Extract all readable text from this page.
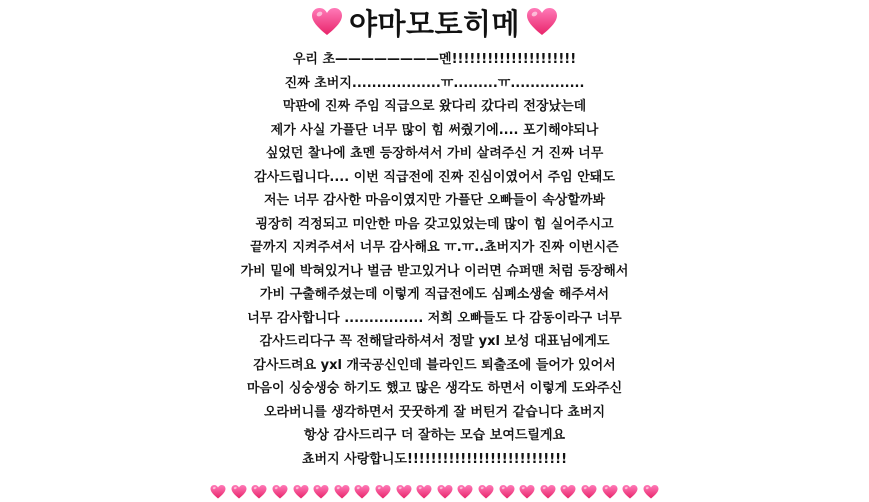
야마모토히메
우리 초————————멘!!!!!!!!!!!!!!!!!!!!!
진짜 초버지..................ㅠ.........ㅠ...............
막판에 진짜 주임 직급으로 왔다리 갔다리 전장났는데
제가 사실 가플단 너무 많이 힘 써줬기에.... 포기해야되나
싶었던 찰나에 쵸멘 등장하셔서 가비 살려주신 거 진짜 너무
감사드립니다.... 이번 직급전에 진짜 진심이였어서 주임 안돼도
저는 너무 감사한 마음이였지만 가플단 오빠들이 속상할까봐
굉장히 걱정되고 미안한 마음 갖고있었는데 많이 힘 실어주시고
끝까지 지켜주셔서 너무 감사해요 ㅠ.ㅠ..쵸버지가 진짜 이번시즌
가비 밑에 박혀있거나 벌금 받고있거나 이러면 슈퍼맨 처럼 등장해서
가비 구출해주셨는데 이렇게 직급전에도 심폐소생술 해주셔서
너무 감사합니다 ................ 저희 오빠들도 다 감동이라구 너무
감사드리다구 꼭 전해달라하셔서 정말 yxl 보성 대표님에게도
감사드려요 yxl 개국공신인데 블라인드 퇴출조에 들어가 있어서
마음이 싱숭생숭 하기도 했고 많은 생각도 하면서 이렇게 도와주신
오라버니를 생각하면서 꿋꿋하게 잘 버틴거 같습니다 쵸버지
항상 감사드리구 더 잘하는 모습 보여드릴게요
쵸버지 사랑합니도!!!!!!!!!!!!!!!!!!!!!!!!!!!
